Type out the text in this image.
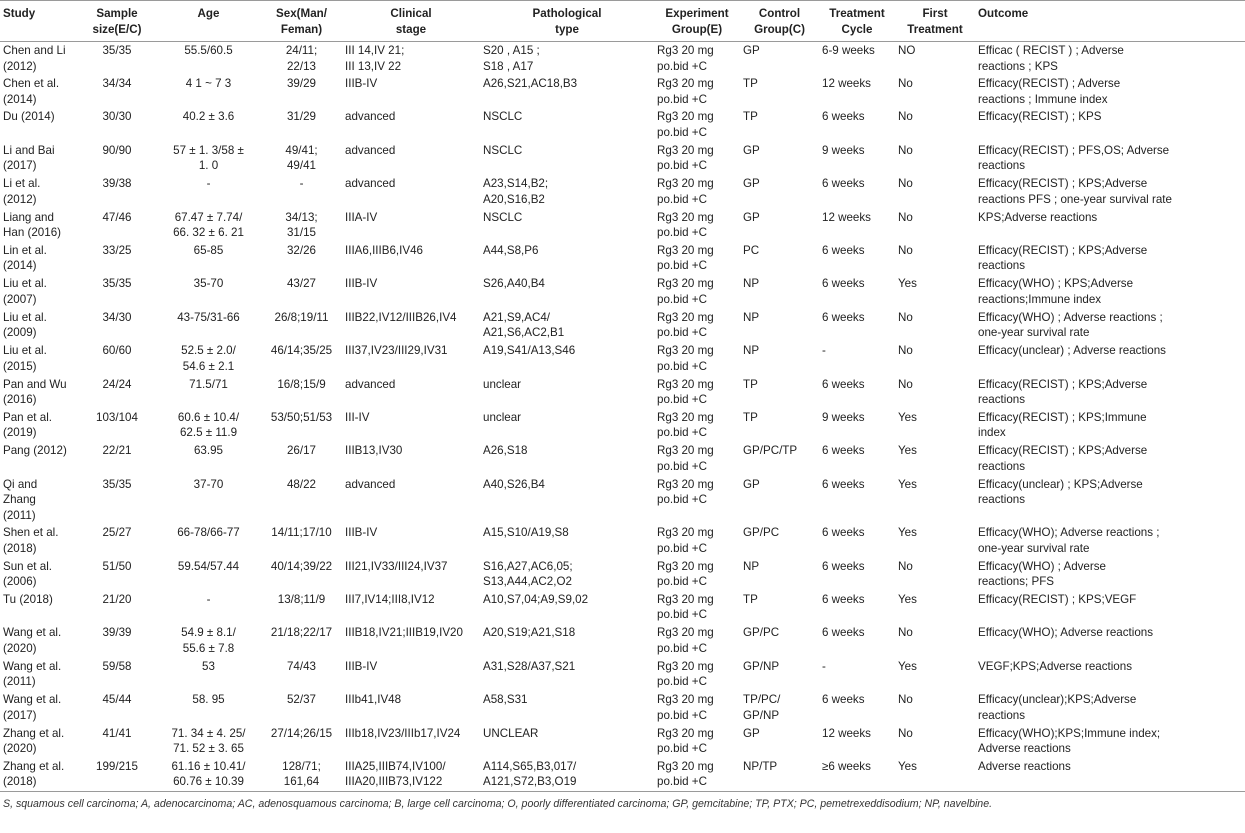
Study	Sample
size(E/C)	Age	Sex(Man/
Feman)	Clinical
stage	Pathological
type	Experiment
Group(E)	Control
Group(C)	Treatment
Cycle	First
Treatment	Outcome
Chen and Li
(2012)	35/35	55.5/60.5	24/11;
22/13	III 14,IV 21;
III 13,IV 22	S20 , A15 ;
S18 , A17	Rg3 20 mg
po.bid +C	GP	6-9 weeks	NO	Efficac ( RECIST ) ; Adverse
reactions ; KPS
Chen et al.
(2014)	34/34	4 1 ~ 7 3	39/29	IIIB-IV	A26,S21,AC18,B3	Rg3 20 mg
po.bid +C	TP	12 weeks	No	Efficacy(RECIST) ; Adverse
reactions ; Immune index
Du (2014)	30/30	40.2 ± 3.6	31/29	advanced	NSCLC	Rg3 20 mg
po.bid +C	TP	6 weeks	No	Efficacy(RECIST) ; KPS
Li and Bai
(2017)	90/90	57 ± 1. 3/58 ±
1. 0	49/41;
49/41	advanced	NSCLC	Rg3 20 mg
po.bid +C	GP	9 weeks	No	Efficacy(RECIST) ; PFS,OS; Adverse
reactions
Li et al.
(2012)	39/38	-	-	advanced	A23,S14,B2;
A20,S16,B2	Rg3 20 mg
po.bid +C	GP	6 weeks	No	Efficacy(RECIST) ; KPS;Adverse
reactions PFS ; one-year survival rate
Liang and
Han (2016)	47/46	67.47 ± 7.74/
66. 32 ± 6. 21	34/13;
31/15	IIIA-IV	NSCLC	Rg3 20 mg
po.bid +C	GP	12 weeks	No	KPS;Adverse reactions
Lin et al.
(2014)	33/25	65-85	32/26	IIIA6,IIIB6,IV46	A44,S8,P6	Rg3 20 mg
po.bid +C	PC	6 weeks	No	Efficacy(RECIST) ; KPS;Adverse
reactions
Liu et al.
(2007)	35/35	35-70	43/27	IIIB-IV	S26,A40,B4	Rg3 20 mg
po.bid +C	NP	6 weeks	Yes	Efficacy(WHO) ; KPS;Adverse
reactions;Immune index
Liu et al.
(2009)	34/30	43-75/31-66	26/8;19/11	IIIB22,IV12/IIIB26,IV4	A21,S9,AC4/
A21,S6,AC2,B1	Rg3 20 mg
po.bid +C	NP	6 weeks	No	Efficacy(WHO) ; Adverse reactions ;
one-year survival rate
Liu et al.
(2015)	60/60	52.5 ± 2.0/
54.6 ± 2.1	46/14;35/25	III37,IV23/III29,IV31	A19,S41/A13,S46	Rg3 20 mg
po.bid +C	NP	-	No	Efficacy(unclear) ; Adverse reactions
Pan and Wu
(2016)	24/24	71.5/71	16/8;15/9	advanced	unclear	Rg3 20 mg
po.bid +C	TP	6 weeks	No	Efficacy(RECIST) ; KPS;Adverse
reactions
Pan et al.
(2019)	103/104	60.6 ± 10.4/
62.5 ± 11.9	53/50;51/53	III-IV	unclear	Rg3 20 mg
po.bid +C	TP	9 weeks	Yes	Efficacy(RECIST) ; KPS;Immune
index
Pang (2012)	22/21	63.95	26/17	IIIB13,IV30	A26,S18	Rg3 20 mg
po.bid +C	GP/PC/TP	6 weeks	Yes	Efficacy(RECIST) ; KPS;Adverse
reactions
Qi and
Zhang
(2011)	35/35	37-70	48/22	advanced	A40,S26,B4	Rg3 20 mg
po.bid +C	GP	6 weeks	Yes	Efficacy(unclear) ; KPS;Adverse
reactions
Shen et al.
(2018)	25/27	66-78/66-77	14/11;17/10	IIIB-IV	A15,S10/A19,S8	Rg3 20 mg
po.bid +C	GP/PC	6 weeks	Yes	Efficacy(WHO); Adverse reactions ;
one-year survival rate
Sun et al.
(2006)	51/50	59.54/57.44	40/14;39/22	III21,IV33/III24,IV37	S16,A27,AC6,05;
S13,A44,AC2,O2	Rg3 20 mg
po.bid +C	NP	6 weeks	No	Efficacy(WHO) ; Adverse
reactions; PFS
Tu (2018)	21/20	-	13/8;11/9	III7,IV14;III8,IV12	A10,S7,04;A9,S9,02	Rg3 20 mg
po.bid +C	TP	6 weeks	Yes	Efficacy(RECIST) ; KPS;VEGF
Wang et al.
(2020)	39/39	54.9 ± 8.1/
55.6 ± 7.8	21/18;22/17	IIIB18,IV21;IIIB19,IV20	A20,S19;A21,S18	Rg3 20 mg
po.bid +C	GP/PC	6 weeks	No	Efficacy(WHO); Adverse reactions
Wang et al.
(2011)	59/58	53	74/43	IIIB-IV	A31,S28/A37,S21	Rg3 20 mg
po.bid +C	GP/NP	-	Yes	VEGF;KPS;Adverse reactions
Wang et al.
(2017)	45/44	58. 95	52/37	IIIb41,IV48	A58,S31	Rg3 20 mg
po.bid +C	TP/PC/
GP/NP	6 weeks	No	Efficacy(unclear);KPS;Adverse
reactions
Zhang et al.
(2020)	41/41	71. 34 ± 4. 25/
71. 52 ± 3. 65	27/14;26/15	IIIb18,IV23/IIIb17,IV24	UNCLEAR	Rg3 20 mg
po.bid +C	GP	12 weeks	No	Efficacy(WHO);KPS;Immune index;
Adverse reactions
Zhang et al.
(2018)	199/215	61.16 ± 10.41/
60.76 ± 10.39	128/71;
161,64	IIIA25,IIIB74,IV100/
IIIA20,IIIB73,IV122	A114,S65,B3,017/
A121,S72,B3,O19	Rg3 20 mg
po.bid +C	NP/TP	≥6 weeks	Yes	Adverse reactions
S, squamous cell carcinoma; A, adenocarcinoma; AC, adenosquamous carcinoma; B, large cell carcinoma; O, poorly differentiated carcinoma; GP, gemcitabine; TP, PTX; PC, pemetrexeddisodium; NP, navelbine.
